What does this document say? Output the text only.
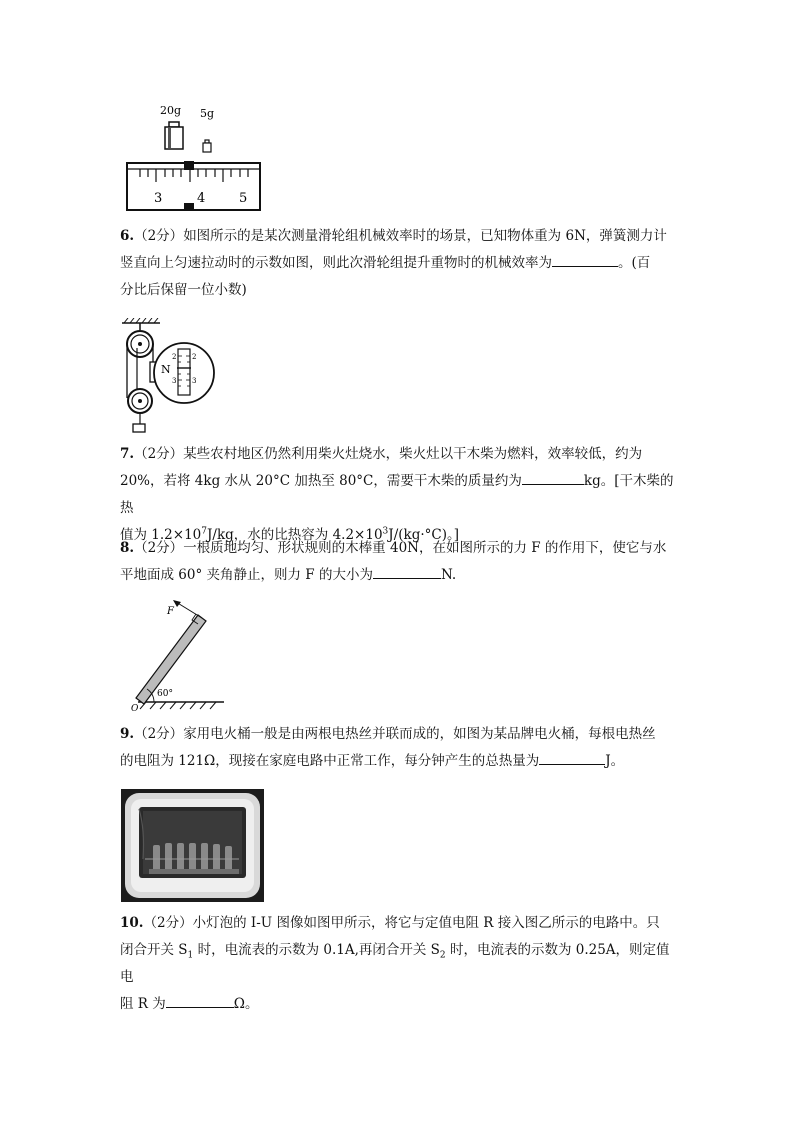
20g 5g
3	4	5
6.（2分）如图所示的是某次测量滑轮组机械效率时的场景，已知物体重为 6N，弹簧测力计
竖直向上匀速拉动时的示数如图，则此次滑轮组提升重物时的机械效率为	。(百
分比后保留一位小数)
N
2
3
2
3
7.（2分）某些农村地区仍然利用柴火灶烧水，柴火灶以干木柴为燃料，效率较低，约为
20%，若将 4kg 水从 20°C 加热至 80°C，需要干木柴的质量约为	kg。[干木柴的热
值为 $1.2\times 10^7J/kg$，水的比热容为 $4.2\times 10^3J/(kg\cdot^\circ C)$。]
8.（2分）一根质地均匀、形状规则的木棒重 40N，在如图所示的力 F 的作用下，使它与水
平地面成 60° 夹角静止，则力 F 的大小为	N.
F
60°
O
9.（2分）家用电火桶一般是由两根电热丝并联而成的，如图为某品牌电火桶，每根电热丝
的电阻为 121Ω，现接在家庭电路中正常工作，每分钟产生的总热量为	J。
10.（2分）小灯泡的 I-U 图像如图甲所示，将它与定值电阻 R 接入图乙所示的电路中。只
闭合开关 $S_1$ 时，电流表的示数为 0.1A,再闭合开关 $S_2$ 时，电流表的示数为 0.25A，则定值电
阻 R 为	Ω。
